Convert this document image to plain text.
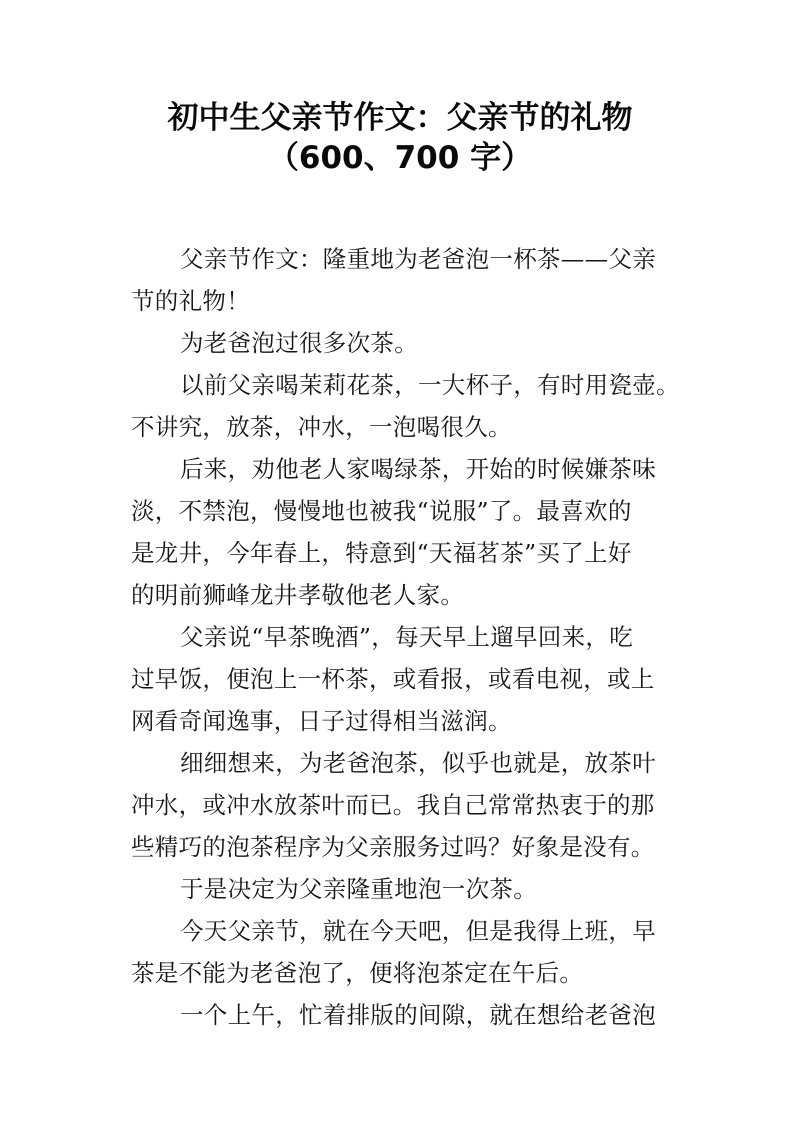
初中生父亲节作文：父亲节的礼物
（600、700 字）
父亲节作文：隆重地为老爸泡一杯茶——父亲
节的礼物！
为老爸泡过很多次茶。
以前父亲喝茉莉花茶，一大杯子，有时用瓷壶。
不讲究，放茶，冲水，一泡喝很久。
后来，劝他老人家喝绿茶，开始的时候嫌茶味
淡，不禁泡，慢慢地也被我“说服”了。最喜欢的
是龙井，今年春上，特意到“天福茗茶”买了上好
的明前狮峰龙井孝敬他老人家。
父亲说“早茶晚酒”，每天早上遛早回来，吃
过早饭，便泡上一杯茶，或看报，或看电视，或上
网看奇闻逸事，日子过得相当滋润。
细细想来，为老爸泡茶，似乎也就是，放茶叶
冲水，或冲水放茶叶而已。我自己常常热衷于的那
些精巧的泡茶程序为父亲服务过吗？好象是没有。
于是决定为父亲隆重地泡一次茶。
今天父亲节，就在今天吧，但是我得上班，早
茶是不能为老爸泡了，便将泡茶定在午后。
一个上午，忙着排版的间隙，就在想给老爸泡
